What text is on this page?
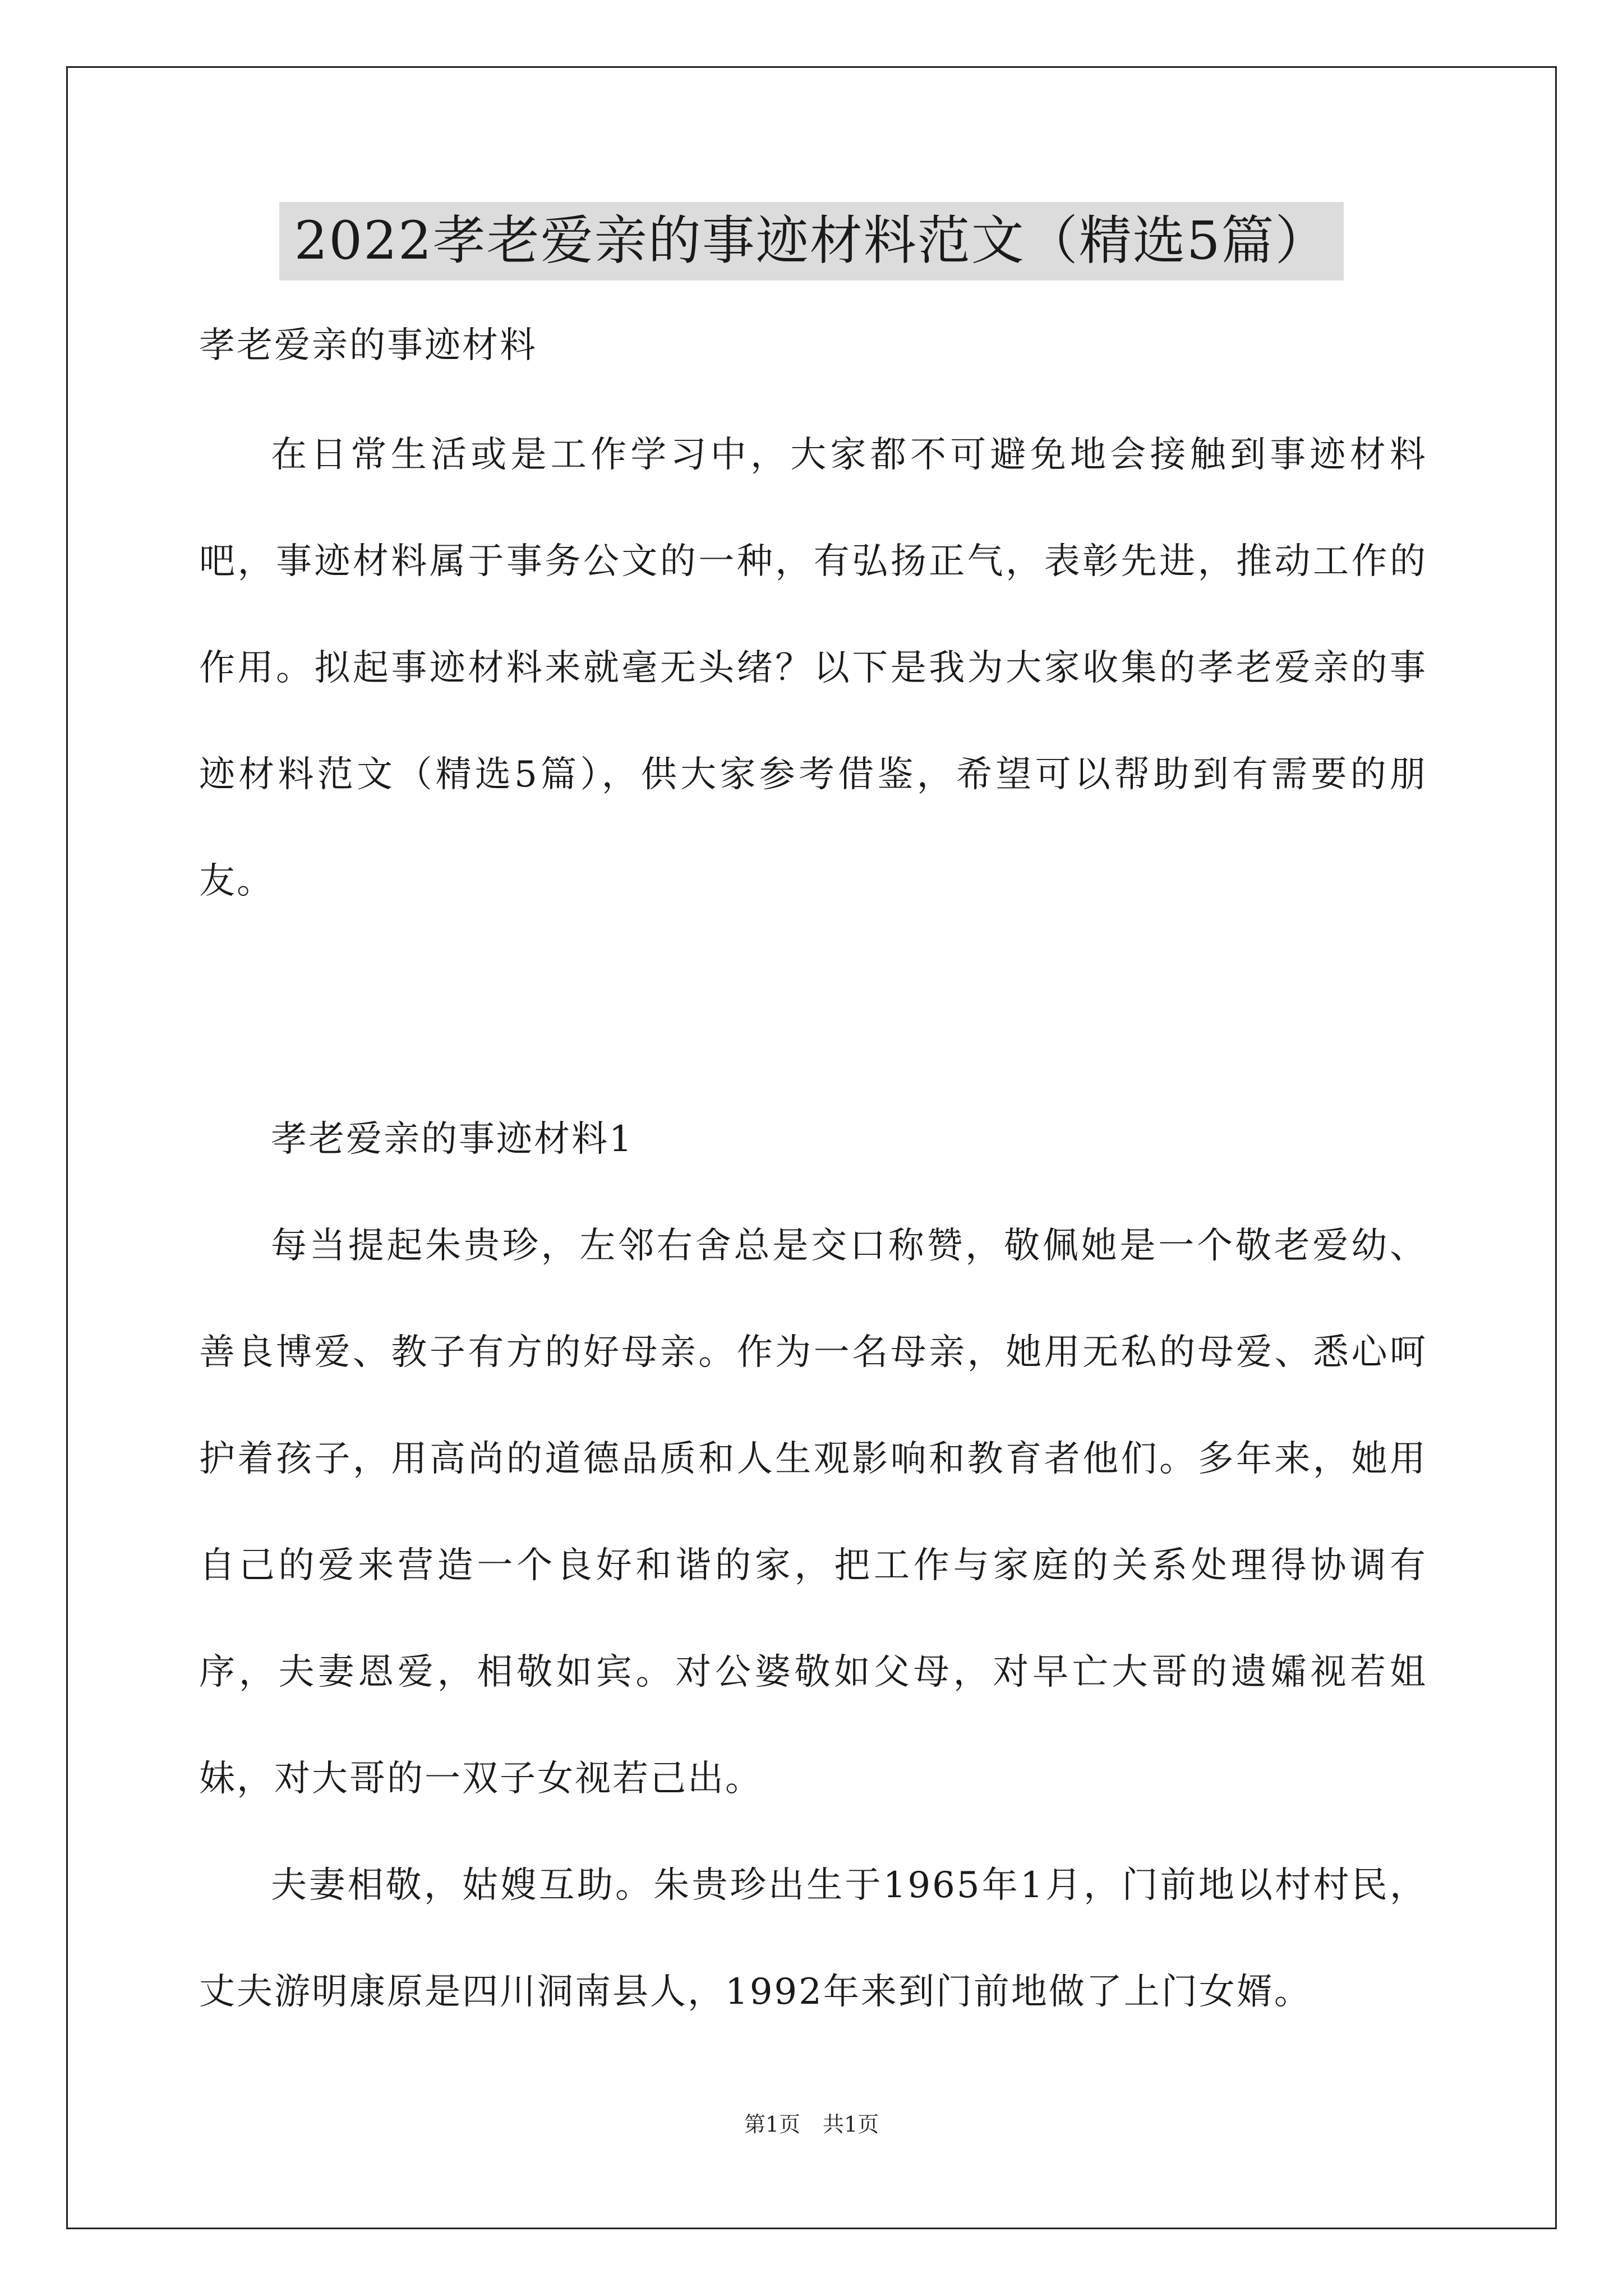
2022孝老爱亲的事迹材料范文（精选5篇）

孝老爱亲的事迹材料

在日常生活或是工作学习中，大家都不可避免地会接触到事迹材料吧，事迹材料属于事务公文的一种，有弘扬正气，表彰先进，推动工作的作用。拟起事迹材料来就毫无头绪？以下是我为大家收集的孝老爱亲的事迹材料范文（精选5篇），供大家参考借鉴，希望可以帮助到有需要的朋友。

孝老爱亲的事迹材料1

每当提起朱贵珍，左邻右舍总是交口称赞，敬佩她是一个敬老爱幼、善良博爱、教子有方的好母亲。作为一名母亲，她用无私的母爱、悉心呵护着孩子，用高尚的道德品质和人生观影响和教育者他们。多年来，她用自己的爱来营造一个良好和谐的家，把工作与家庭的关系处理得协调有序，夫妻恩爱，相敬如宾。对公婆敬如父母，对早亡大哥的遗孀视若姐妹，对大哥的一双子女视若己出。

夫妻相敬，姑嫂互助。朱贵珍出生于1965年1月，门前地以村村民，丈夫游明康原是四川洞南县人，1992年来到门前地做了上门女婿。

第1页 共1页
